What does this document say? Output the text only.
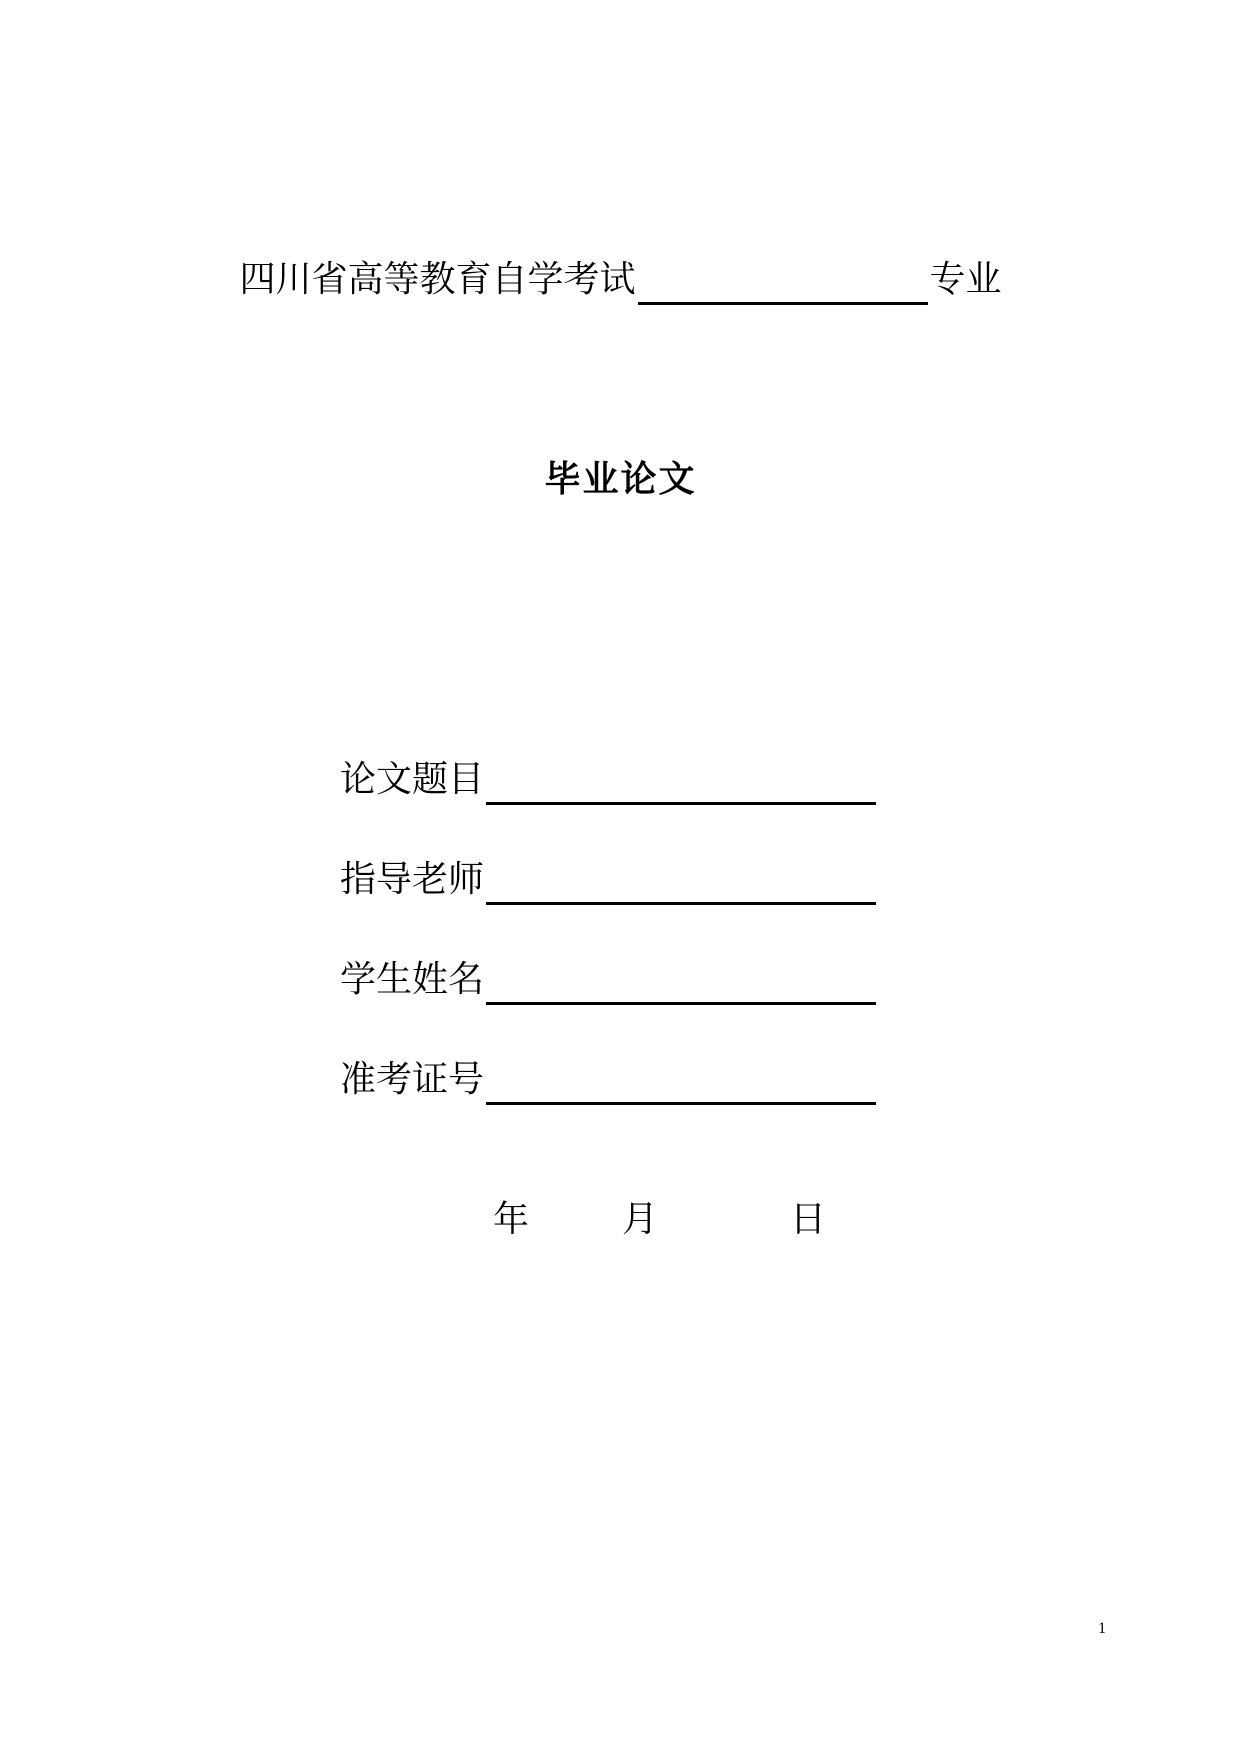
四川省高等教育自学考试	专业
毕业论文
论文题目
指导老师
学生姓名
准考证号
年	月	日
1
